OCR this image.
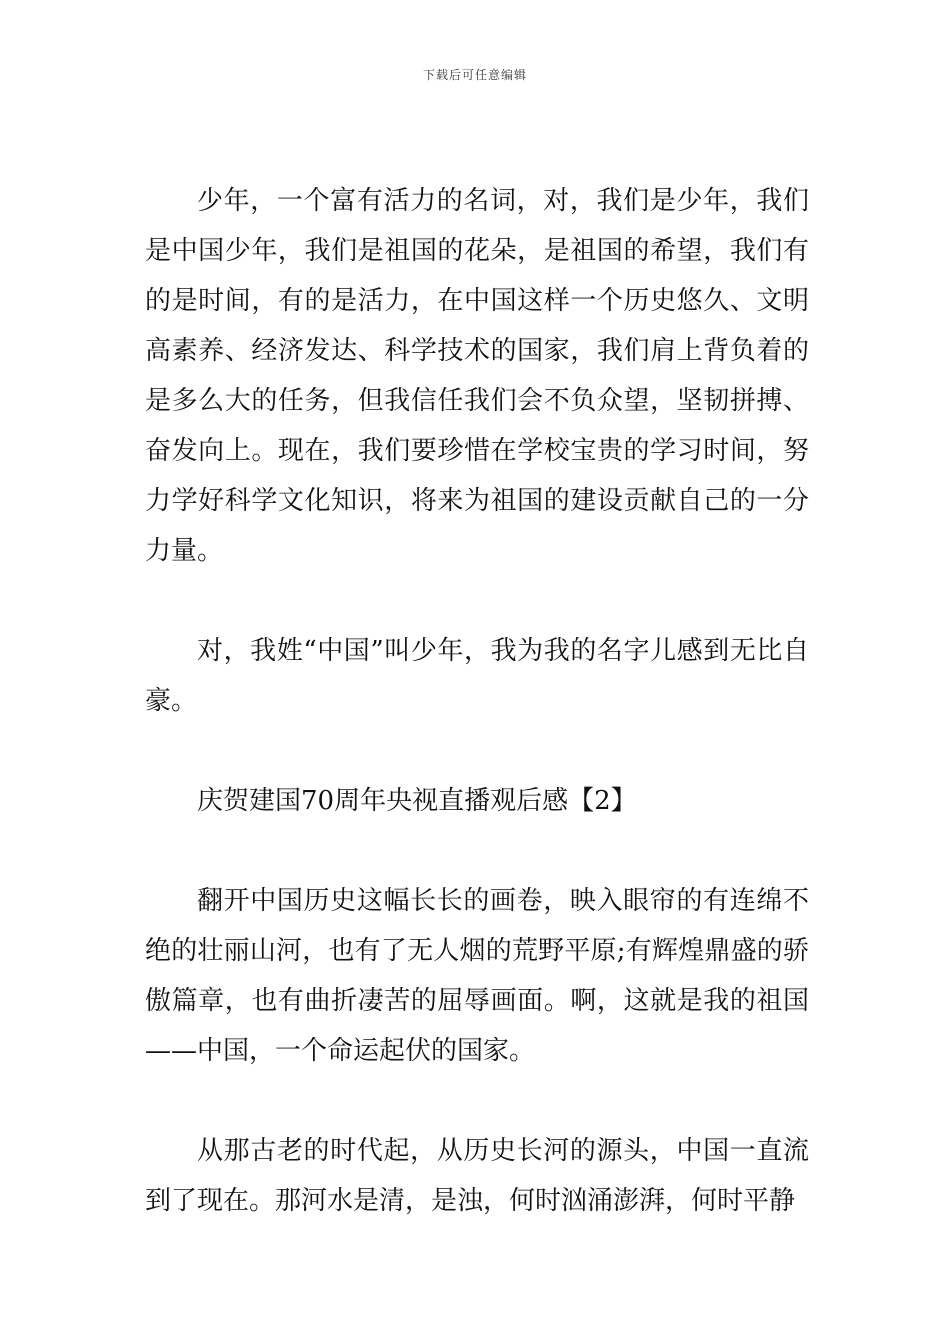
下载后可任意编辑

少年，一个富有活力的名词，对，我们是少年，我们是中国少年，我们是祖国的花朵，是祖国的希望，我们有的是时间，有的是活力，在中国这样一个历史悠久、文明高素养、经济发达、科学技术的国家，我们肩上背负着的是多么大的任务，但我信任我们会不负众望，坚韧拼搏、奋发向上。现在，我们要珍惜在学校宝贵的学习时间，努力学好科学文化知识，将来为祖国的建设贡献自己的一分力量。

对，我姓“中国”叫少年，我为我的名字儿感到无比自豪。

庆贺建国70周年央视直播观后感【2】

翻开中国历史这幅长长的画卷，映入眼帘的有连绵不绝的壮丽山河，也有了无人烟的荒野平原;有辉煌鼎盛的骄傲篇章，也有曲折凄苦的屈辱画面。啊，这就是我的祖国——中国，一个命运起伏的国家。

从那古老的时代起，从历史长河的源头，中国一直流到了现在。那河水是清，是浊，何时汹涌澎湃，何时平静
